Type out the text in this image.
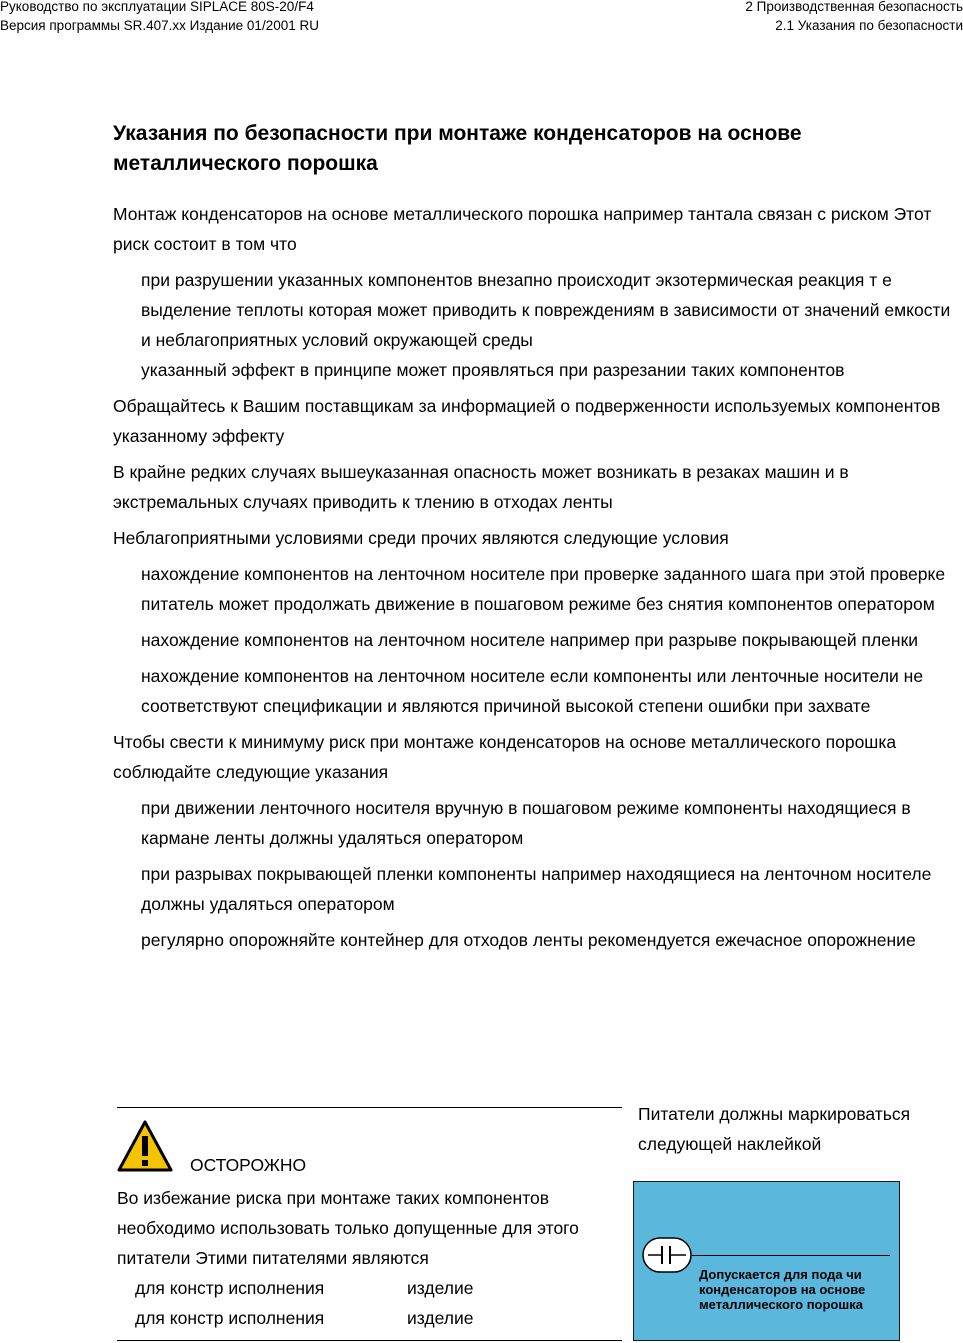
Руководство по эксплуатации SIPLACE 80S-20/F4
Версия программы SR.407.xx Издание 01/2001 RU
2 Производственная безопасность
2.1 Указания по безопасности
Указания по безопасности при монтаже конденсаторов на основе металлического порошка
Монтаж конденсаторов на основе металлического порошка например тантала связан с риском Этот риск состоит в том что
при разрушении указанных компонентов внезапно происходит экзотермическая реакция т е выделение теплоты которая может приводить к повреждениям в зависимости от значений емкости и неблагоприятных условий окружающей среды
указанный эффект в принципе может проявляться при разрезании таких компонентов
Обращайтесь к Вашим поставщикам за информацией о подверженности используемых компонентов указанному эффекту
В крайне редких случаях вышеуказанная опасность может возникать в резаках машин и в экстремальных случаях приводить к тлению в отходах ленты
Неблагоприятными условиями среди прочих являются следующие условия
нахождение компонентов на ленточном носителе при проверке заданного шага при этой проверке питатель может продолжать движение в пошаговом режиме без снятия компонентов оператором
нахождение компонентов на ленточном носителе например при разрыве покрывающей пленки
нахождение компонентов на ленточном носителе если компоненты или ленточные носители не соответствуют спецификации и являются причиной высокой степени ошибки при захвате
Чтобы свести к минимуму риск при монтаже конденсаторов на основе металлического порошка соблюдайте следующие указания
при движении ленточного носителя вручную в пошаговом режиме компоненты находящиеся в кармане ленты должны удаляться оператором
при разрывах покрывающей пленки компоненты например находящиеся на ленточном носителе должны удаляться оператором
регулярно опорожняйте контейнер для отходов ленты рекомендуется ежечасное опорожнение
ОСТОРОЖНО
Во избежание риска при монтаже таких компонентов необходимо использовать только допущенные для этого питатели Этими питателями являются
для констр исполнения	изделие
для констр исполнения	изделие
Питатели должны маркироваться следующей наклейкой
Допускается для пода чи конденсаторов на основе металлического порошка
